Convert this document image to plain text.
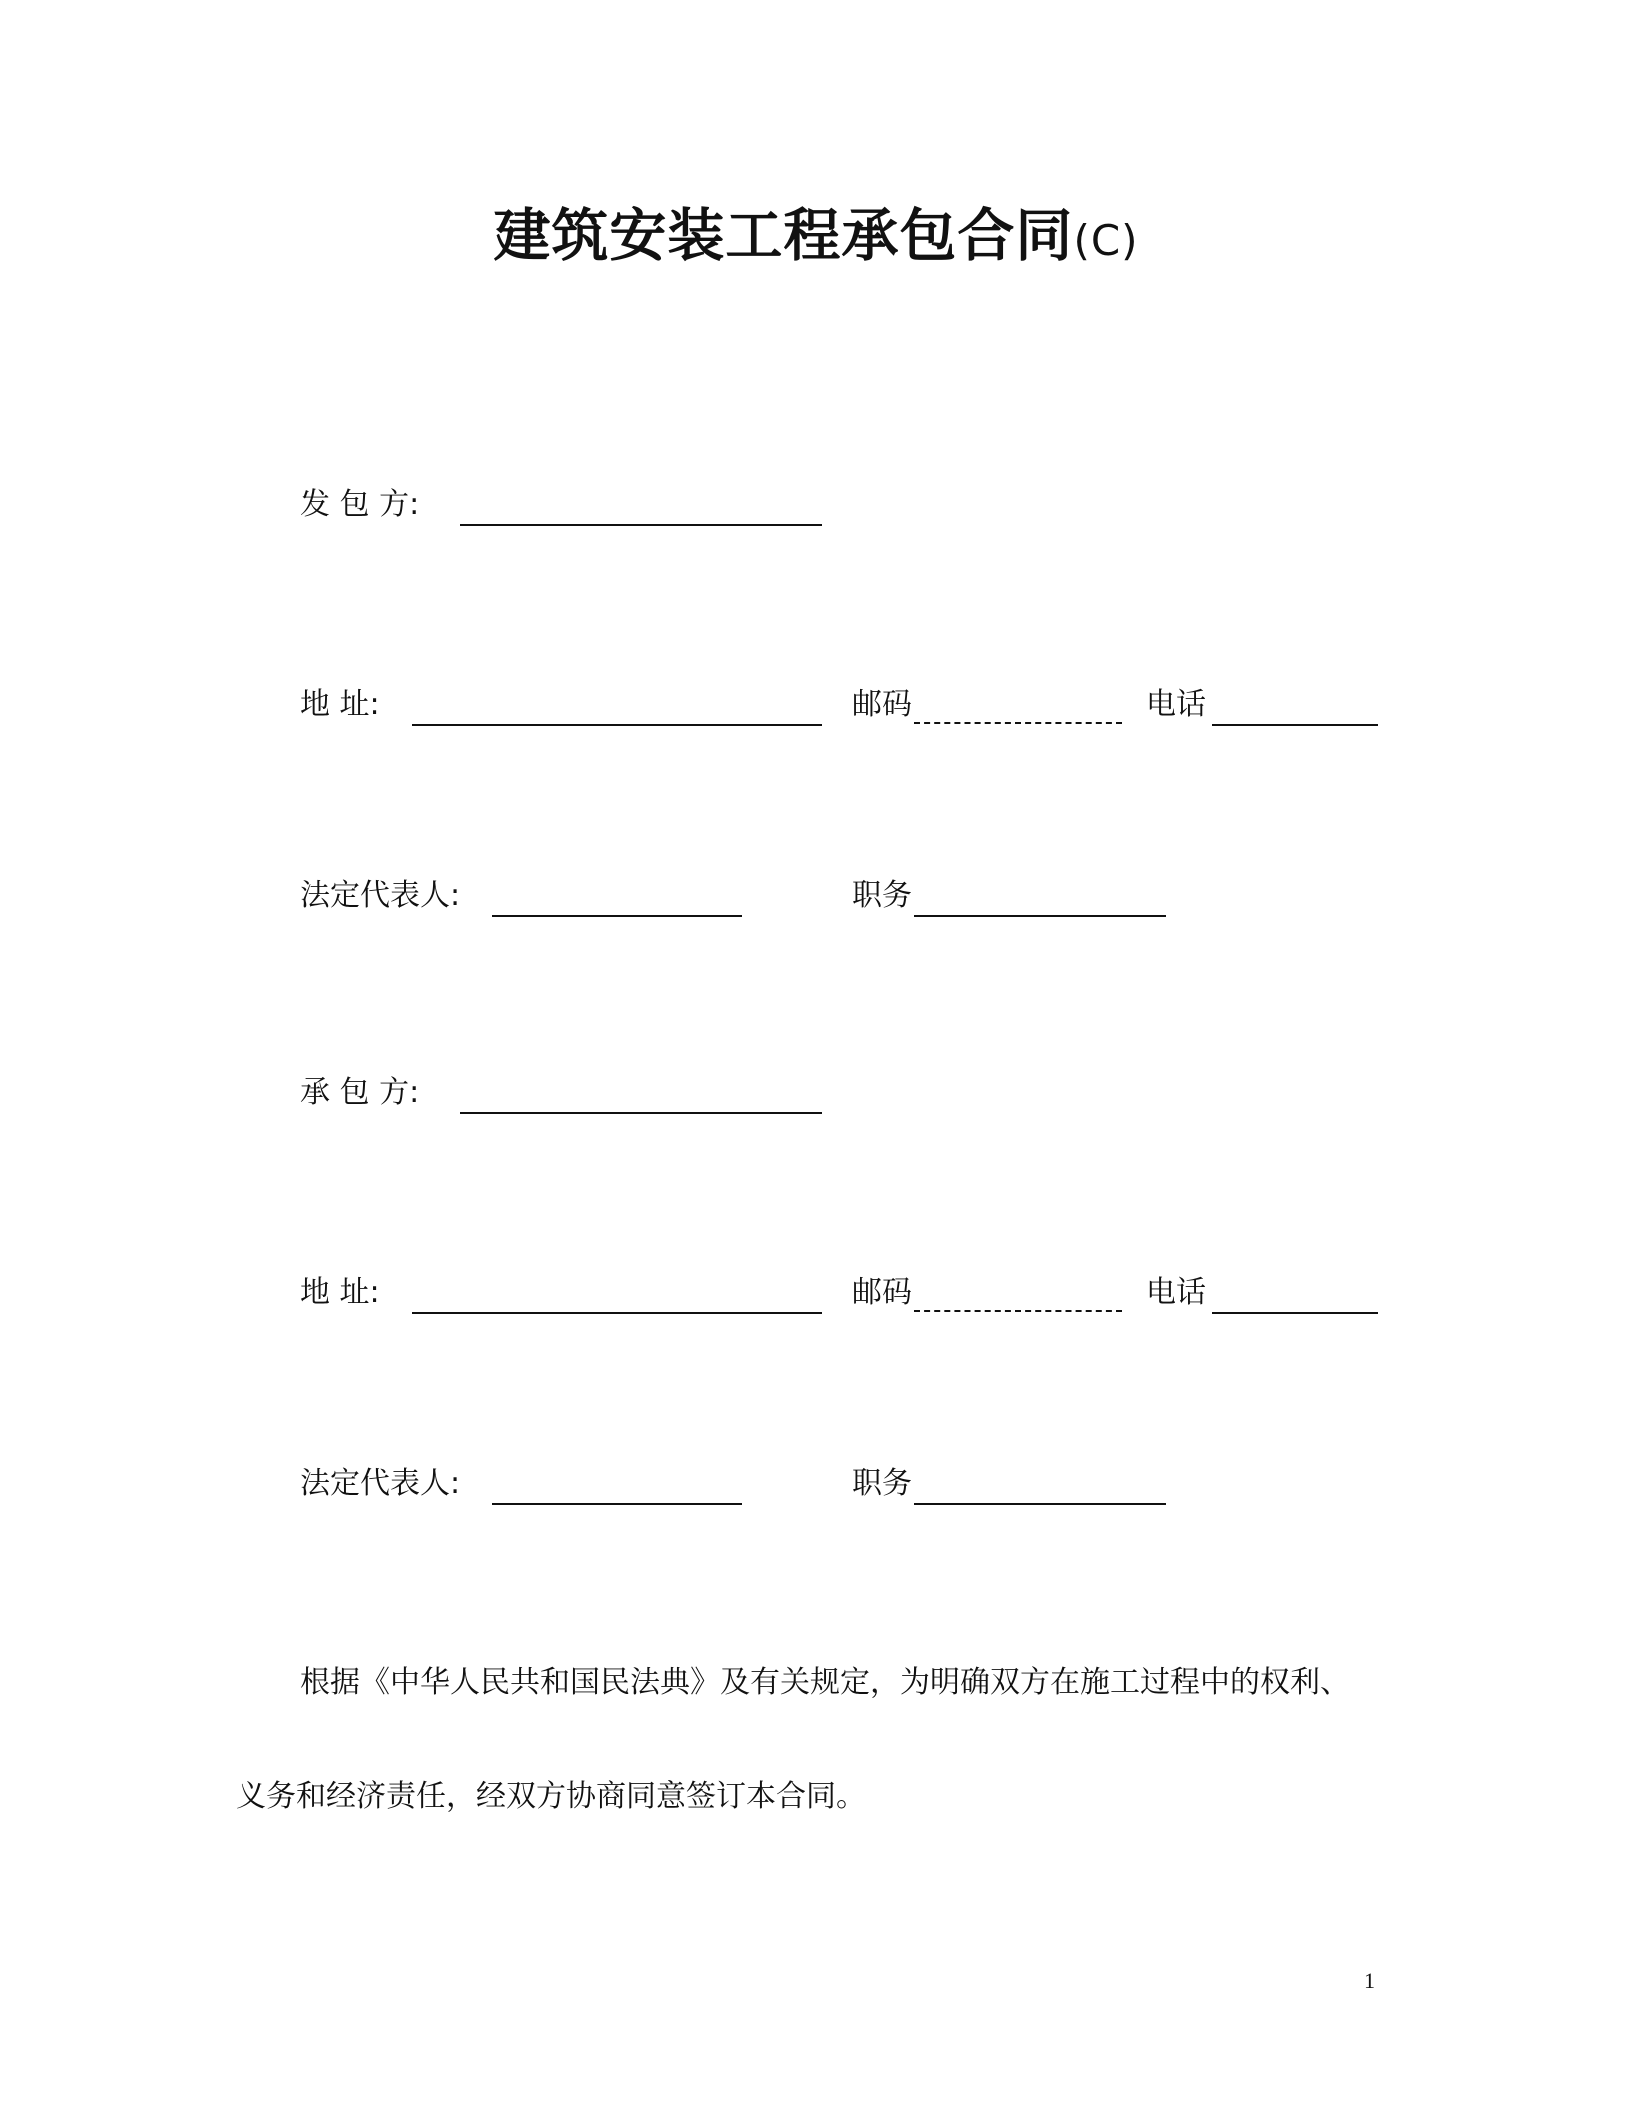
建筑安装工程承包合同(C)
发 包 方:
地 址:	邮码	电话
法定代表人:	职务
承 包 方:
地 址:	邮码	电话
法定代表人:	职务
根据《中华人民共和国民法典》及有关规定，为明确双方在施工过程中的权利、
义务和经济责任，经双方协商同意签订本合同。
1
